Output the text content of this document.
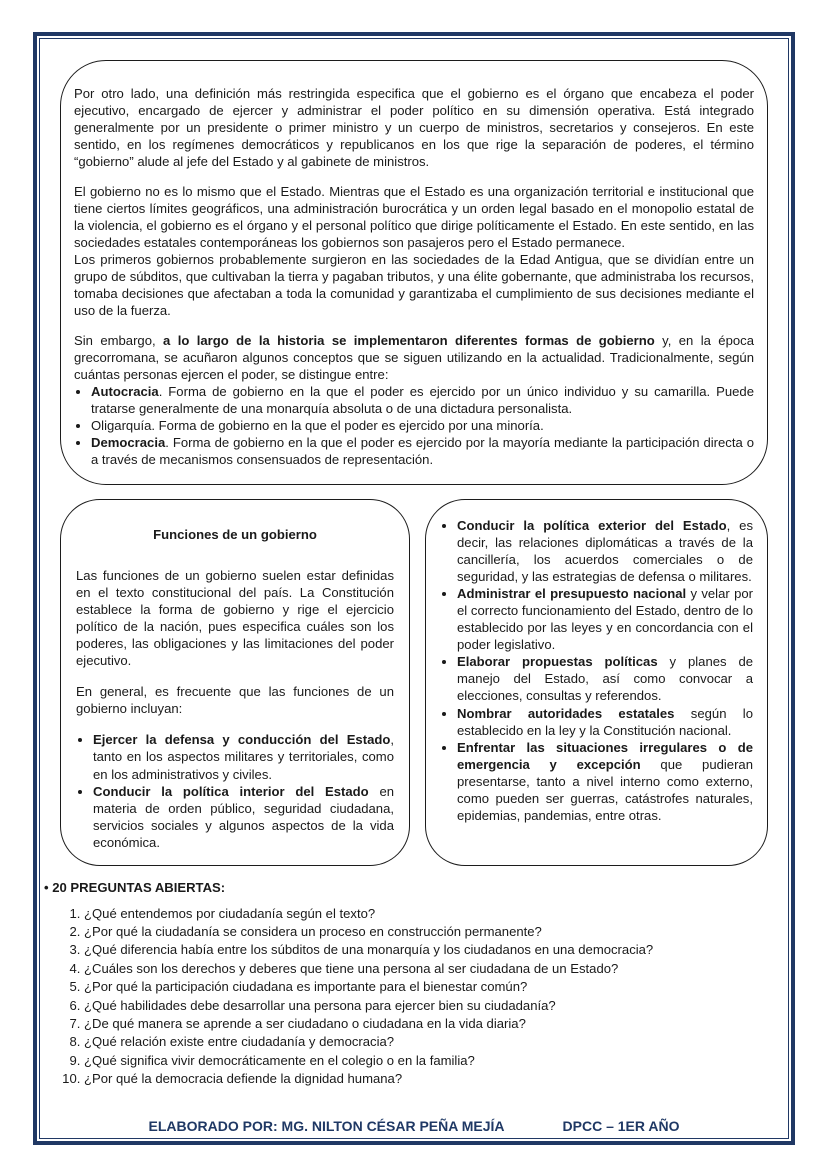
Por otro lado, una definición más restringida especifica que el gobierno es el órgano que encabeza el poder ejecutivo, encargado de ejercer y administrar el poder político en su dimensión operativa. Está integrado generalmente por un presidente o primer ministro y un cuerpo de ministros, secretarios y consejeros. En este sentido, en los regímenes democráticos y republicanos en los que rige la separación de poderes, el término “gobierno” alude al jefe del Estado y al gabinete de ministros.

El gobierno no es lo mismo que el Estado. Mientras que el Estado es una organización territorial e institucional que tiene ciertos límites geográficos, una administración burocrática y un orden legal basado en el monopolio estatal de la violencia, el gobierno es el órgano y el personal político que dirige políticamente el Estado. En este sentido, en las sociedades estatales contemporáneas los gobiernos son pasajeros pero el Estado permanece.

Los primeros gobiernos probablemente surgieron en las sociedades de la Edad Antigua, que se dividían entre un grupo de súbditos, que cultivaban la tierra y pagaban tributos, y una élite gobernante, que administraba los recursos, tomaba decisiones que afectaban a toda la comunidad y garantizaba el cumplimiento de sus decisiones mediante el uso de la fuerza.

Sin embargo, a lo largo de la historia se implementaron diferentes formas de gobierno y, en la época grecorromana, se acuñaron algunos conceptos que se siguen utilizando en la actualidad. Tradicionalmente, según cuántas personas ejercen el poder, se distingue entre:

• Autocracia. Forma de gobierno en la que el poder es ejercido por un único individuo y su camarilla. Puede tratarse generalmente de una monarquía absoluta o de una dictadura personalista.
• Oligarquía. Forma de gobierno en la que el poder es ejercido por una minoría.
• Democracia. Forma de gobierno en la que el poder es ejercido por la mayoría mediante la participación directa o a través de mecanismos consensuados de representación.
Funciones de un gobierno

Las funciones de un gobierno suelen estar definidas en el texto constitucional del país. La Constitución establece la forma de gobierno y rige el ejercicio político de la nación, pues especifica cuáles son los poderes, las obligaciones y las limitaciones del poder ejecutivo.

En general, es frecuente que las funciones de un gobierno incluyan:

• Ejercer la defensa y conducción del Estado, tanto en los aspectos militares y territoriales, como en los administrativos y civiles.
• Conducir la política interior del Estado en materia de orden público, seguridad ciudadana, servicios sociales y algunos aspectos de la vida económica.
• Conducir la política exterior del Estado, es decir, las relaciones diplomáticas a través de la cancillería, los acuerdos comerciales o de seguridad, y las estrategias de defensa o militares.
• Administrar el presupuesto nacional y velar por el correcto funcionamiento del Estado, dentro de lo establecido por las leyes y en concordancia con el poder legislativo.
• Elaborar propuestas políticas y planes de manejo del Estado, así como convocar a elecciones, consultas y referendos.
• Nombrar autoridades estatales según lo establecido en la ley y la Constitución nacional.
• Enfrentar las situaciones irregulares o de emergencia y excepción que pudieran presentarse, tanto a nivel interno como externo, como pueden ser guerras, catástrofes naturales, epidemias, pandemias, entre otras.
• 20 PREGUNTAS ABIERTAS:
1. ¿Qué entendemos por ciudadanía según el texto?
2. ¿Por qué la ciudadanía se considera un proceso en construcción permanente?
3. ¿Qué diferencia había entre los súbditos de una monarquía y los ciudadanos en una democracia?
4. ¿Cuáles son los derechos y deberes que tiene una persona al ser ciudadana de un Estado?
5. ¿Por qué la participación ciudadana es importante para el bienestar común?
6. ¿Qué habilidades debe desarrollar una persona para ejercer bien su ciudadanía?
7. ¿De qué manera se aprende a ser ciudadano o ciudadana en la vida diaria?
8. ¿Qué relación existe entre ciudadanía y democracia?
9. ¿Qué significa vivir democráticamente en el colegio o en la familia?
10. ¿Por qué la democracia defiende la dignidad humana?
ELABORADO POR: MG. NILTON CÉSAR PEÑA MEJÍA	DPCC – 1ER AÑO
